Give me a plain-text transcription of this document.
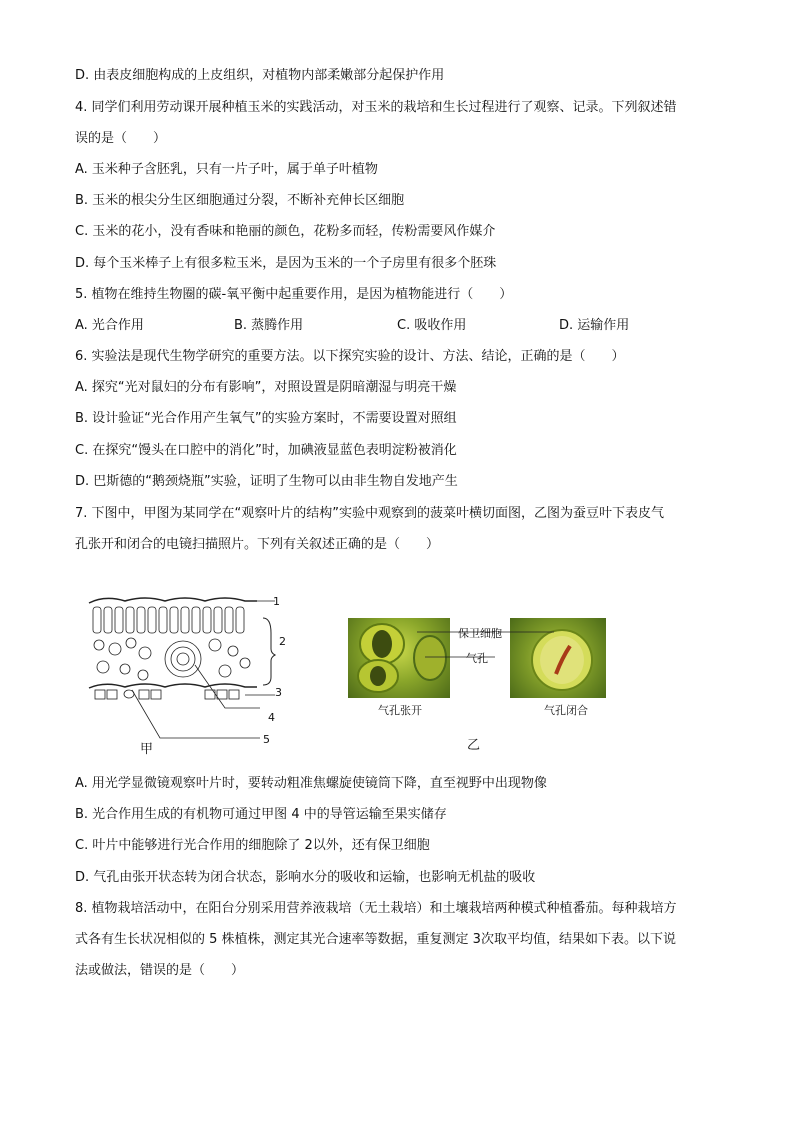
D. 由表皮细胞构成的上皮组织，对植物内部柔嫩部分起保护作用
4. 同学们利用劳动课开展种植玉米的实践活动，对玉米的栽培和生长过程进行了观察、记录。下列叙述错
误的是（　　）
A. 玉米种子含胚乳，只有一片子叶，属于单子叶植物
B. 玉米的根尖分生区细胞通过分裂，不断补充伸长区细胞
C. 玉米的花小，没有香味和艳丽的颜色，花粉多而轻，传粉需要风作媒介
D. 每个玉米棒子上有很多粒玉米，是因为玉米的一个子房里有很多个胚珠
5. 植物在维持生物圈的碳-氧平衡中起重要作用，是因为植物能进行（　　）
A. 光合作用	B. 蒸腾作用	C. 吸收作用	D. 运输作用
6. 实验法是现代生物学研究的重要方法。以下探究实验的设计、方法、结论，正确的是（　　）
A. 探究“光对鼠妇的分布有影响”，对照设置是阴暗潮湿与明亮干燥
B. 设计验证“光合作用产生氧气”的实验方案时，不需要设置对照组
C. 在探究“馒头在口腔中的消化”时，加碘液显蓝色表明淀粉被消化
D. 巴斯德的“鹅颈烧瓶”实验，证明了生物可以由非生物自发地产生
7. 下图中，甲图为某同学在“观察叶片的结构”实验中观察到的菠菜叶横切面图，乙图为蚕豆叶下表皮气
孔张开和闭合的电镜扫描照片。下列有关叙述正确的是（　　）
1
2
3
4
5
甲
保卫细胞
气孔
气孔张开	气孔闭合
乙
A. 用光学显微镜观察叶片时，要转动粗准焦螺旋使镜筒下降，直至视野中出现物像
B. 光合作用生成的有机物可通过甲图 4 中的导管运输至果实储存
C. 叶片中能够进行光合作用的细胞除了 2以外，还有保卫细胞
D. 气孔由张开状态转为闭合状态，影响水分的吸收和运输，也影响无机盐的吸收
8. 植物栽培活动中，在阳台分别采用营养液栽培（无土栽培）和土壤栽培两种模式种植番茄。每种栽培方
式各有生长状况相似的 5 株植株，测定其光合速率等数据，重复测定 3次取平均值，结果如下表。以下说
法或做法，错误的是（　　）
